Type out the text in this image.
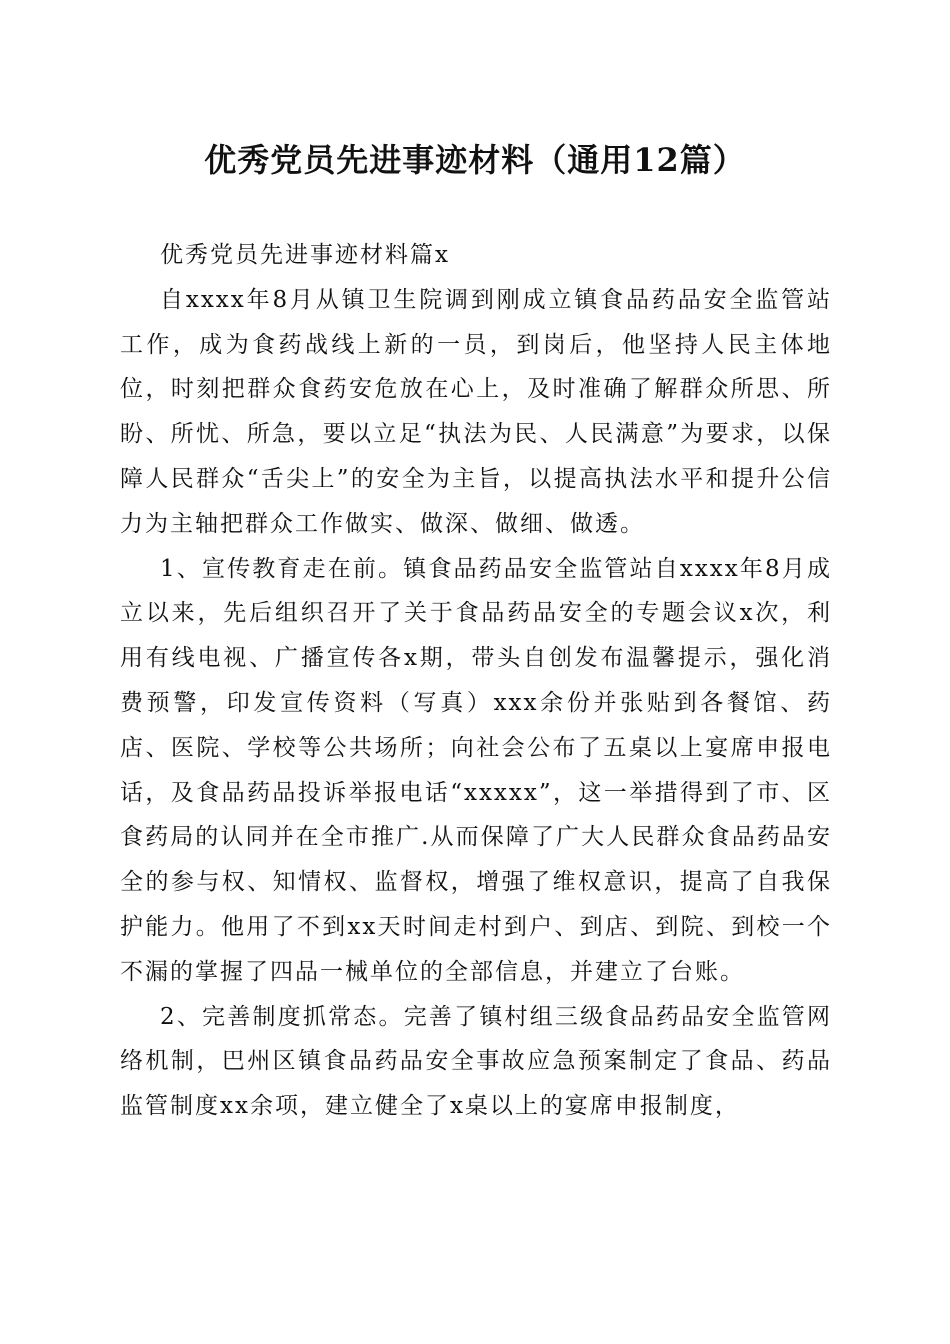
优秀党员先进事迹材料（通用12篇）

优秀党员先进事迹材料篇x

自xxxx年8月从镇卫生院调到刚成立镇食品药品安全监管站工作，成为食药战线上新的一员，到岗后，他坚持人民主体地位，时刻把群众食药安危放在心上，及时准确了解群众所思、所盼、所忧、所急，要以立足“执法为民、人民满意”为要求，以保障人民群众“舌尖上”的安全为主旨，以提高执法水平和提升公信力为主轴把群众工作做实、做深、做细、做透。

1、宣传教育走在前。镇食品药品安全监管站自xxxx年8月成立以来，先后组织召开了关于食品药品安全的专题会议x次，利用有线电视、广播宣传各x期，带头自创发布温馨提示，强化消费预警，印发宣传资料（写真）xxx余份并张贴到各餐馆、药店、医院、学校等公共场所；向社会公布了五桌以上宴席申报电话，及食品药品投诉举报电话“xxxxx”，这一举措得到了市、区食药局的认同并在全市推广.从而保障了广大人民群众食品药品安全的参与权、知情权、监督权，增强了维权意识，提高了自我保护能力。他用了不到xx天时间走村到户、到店、到院、到校一个不漏的掌握了四品一械单位的全部信息，并建立了台账。

2、完善制度抓常态。完善了镇村组三级食品药品安全监管网络机制，巴州区镇食品药品安全事故应急预案制定了食品、药品监管制度xx余项，建立健全了x桌以上的宴席申报制度，
